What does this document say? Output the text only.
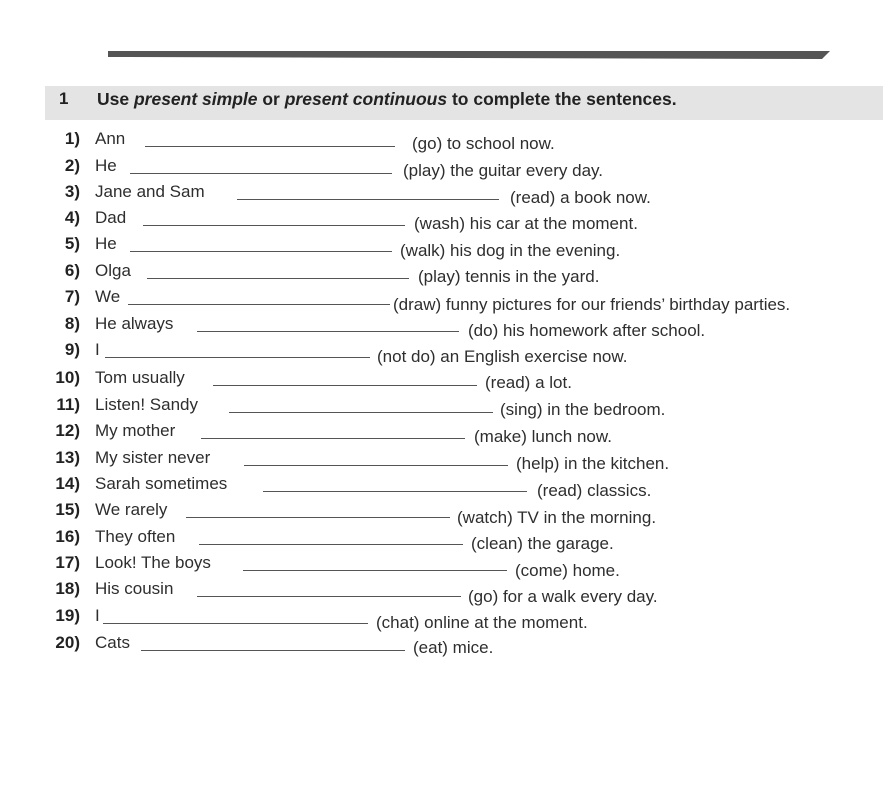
1 Use present simple or present continuous to complete the sentences.
1) Ann	(go) to school now.
2) He	(play) the guitar every day.
3) Jane and Sam	(read) a book now.
4) Dad	(wash) his car at the moment.
5) He	(walk) his dog in the evening.
6) Olga	(play) tennis in the yard.
7) We	(draw) funny pictures for our friends’ birthday parties.
8) He always	(do) his homework after school.
9) I	(not do) an English exercise now.
10) Tom usually	(read) a lot.
11) Listen! Sandy	(sing) in the bedroom.
12) My mother	(make) lunch now.
13) My sister never	(help) in the kitchen.
14) Sarah sometimes	(read) classics.
15) We rarely	(watch) TV in the morning.
16) They often	(clean) the garage.
17) Look! The boys	(come) home.
18) His cousin	(go) for a walk every day.
19) I	(chat) online at the moment.
20) Cats	(eat) mice.
